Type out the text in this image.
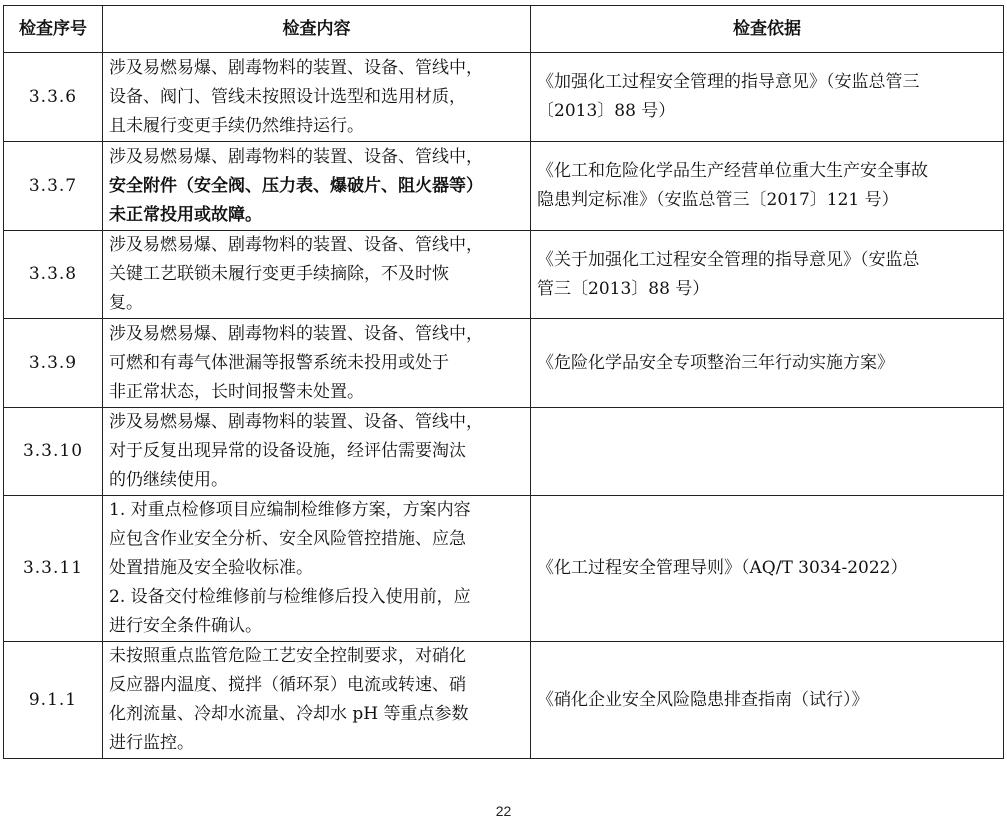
检查序号	检查内容	检查依据
3.3.6	涉及易燃易爆、剧毒物料的装置、设备、管线中，
设备、阀门、管线未按照设计选型和选用材质，
且未履行变更手续仍然维持运行。	《加强化工过程安全管理的指导意见》（安监总管三
〔2013〕88 号）

3.3.7	涉及易燃易爆、剧毒物料的装置、设备、管线中，
安全附件（安全阀、压力表、爆破片、阻火器等）
未正常投用或故障。	《化工和危险化学品生产经营单位重大生产安全事故
隐患判定标准》（安监总管三〔2017〕121 号）

3.3.8	涉及易燃易爆、剧毒物料的装置、设备、管线中，
关键工艺联锁未履行变更手续摘除，不及时恢
复。	《关于加强化工过程安全管理的指导意见》（安监总
管三〔2013〕88 号）

3.3.9	涉及易燃易爆、剧毒物料的装置、设备、管线中，
可燃和有毒气体泄漏等报警系统未投用或处于
非正常状态，长时间报警未处置。	《危险化学品安全专项整治三年行动实施方案》

3.3.10	涉及易燃易爆、剧毒物料的装置、设备、管线中，
对于反复出现异常的设备设施，经评估需要淘汰
的仍继续使用。	

3.3.11	1. 对重点检修项目应编制检维修方案，方案内容
应包含作业安全分析、安全风险管控措施、应急
处置措施及安全验收标准。
2. 设备交付检维修前与检维修后投入使用前，应
进行安全条件确认。	《化工过程安全管理导则》（AQ/T 3034-2022）

9.1.1	未按照重点监管危险工艺安全控制要求，对硝化
反应器内温度、搅拌（循环泵）电流或转速、硝
化剂流量、冷却水流量、冷却水 pH 等重点参数
进行监控。	《硝化企业安全风险隐患排查指南（试行）》
22
